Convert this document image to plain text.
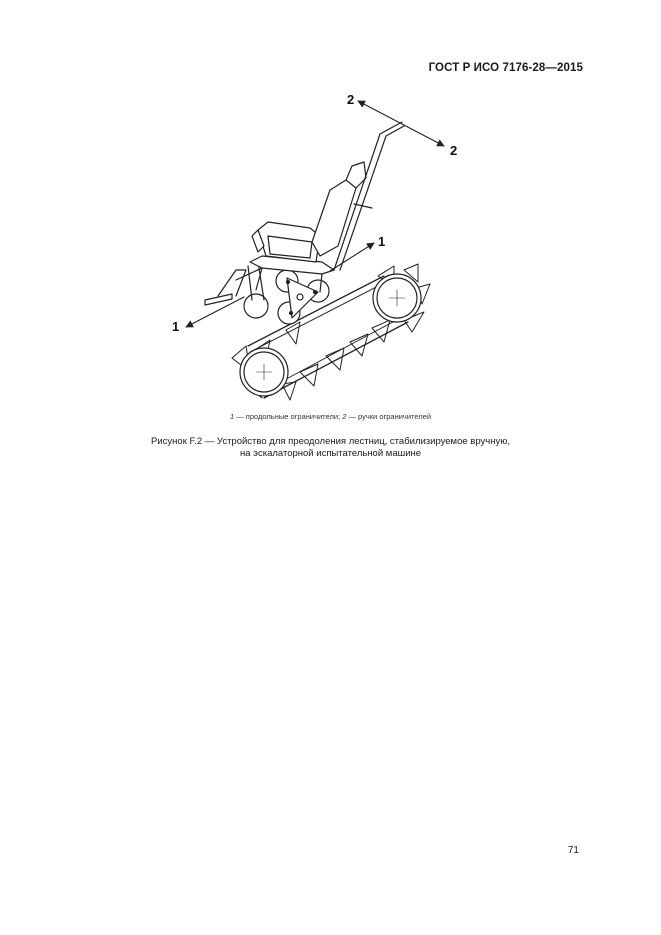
ГОСТ Р ИСО 7176-28—2015
2
2
1
1
1 — продольные ограничители; 2 — ручки ограничителей
Рисунок F.2 — Устройство для преодоления лестниц, стабилизируемое вручную,
на эскалаторной испытательной машине
71
